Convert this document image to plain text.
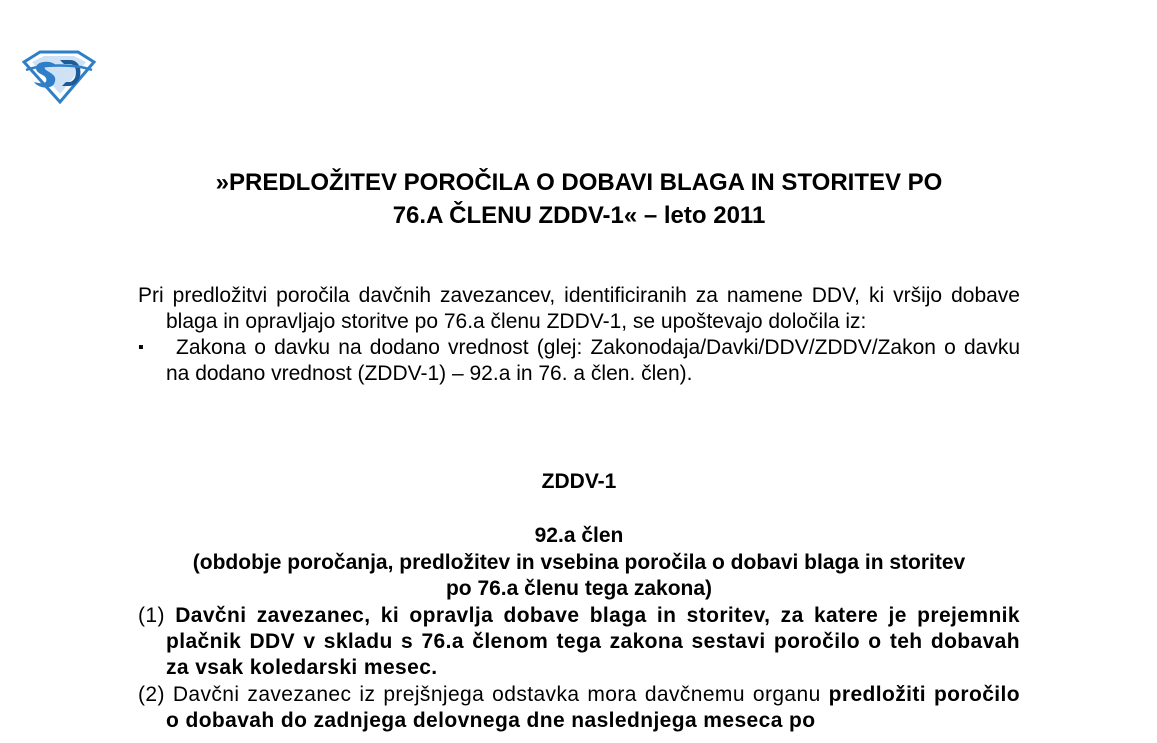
»PREDLOŽITEV POROČILA O DOBAVI BLAGA IN STORITEV PO
76.A ČLENU ZDDV-1« – leto 2011

Pri predložitvi poročila davčnih zavezancev, identificiranih za namene DDV, ki vršijo dobave blaga in opravljajo storitve po 76.a členu ZDDV-1, se upoštevajo določila iz:

▪	Zakona o davku na dodano vrednost (glej: Zakonodaja/Davki/DDV/ZDDV/Zakon o davku na dodano vrednost (ZDDV-1) – 92.a in 76. a člen. člen).
ZDDV-1
92.a člen
(obdobje poročanja, predložitev in vsebina poročila o dobavi blaga in storitev
po 76.a členu tega zakona)

(1) Davčni zavezanec, ki opravlja dobave blaga in storitev, za katere je prejemnik plačnik DDV v skladu s 76.a členom tega zakona sestavi poročilo o teh dobavah za vsak koledarski mesec.

(2) Davčni zavezanec iz prejšnjega odstavka mora davčnemu organu predložiti poročilo o dobavah do zadnjega delovnega dne naslednjega meseca po
